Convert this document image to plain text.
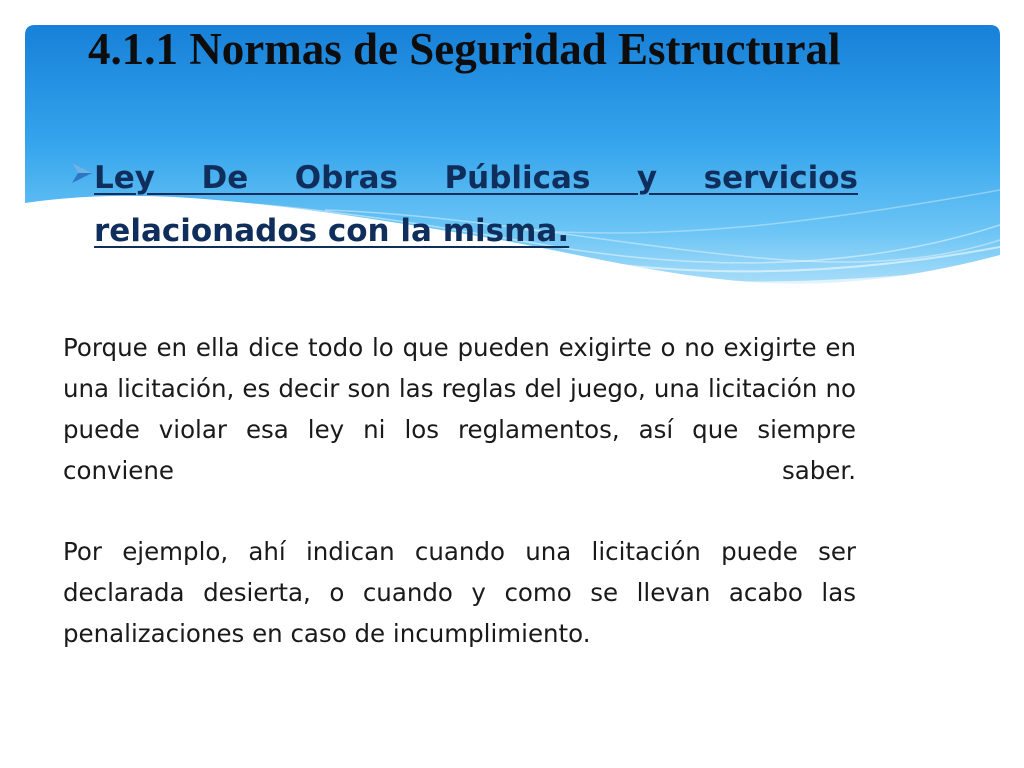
4.1.1 Normas de Seguridad Estructural

Ley De Obras Públicas y servicios relacionados con la misma.

Porque en ella dice todo lo que pueden exigirte o no exigirte en una licitación, es decir son las reglas del juego, una licitación no puede violar esa ley ni los reglamentos, así que siempre conviene saber.

Por ejemplo, ahí indican cuando una licitación puede ser declarada desierta, o cuando y como se llevan acabo las penalizaciones en caso de incumplimiento.
